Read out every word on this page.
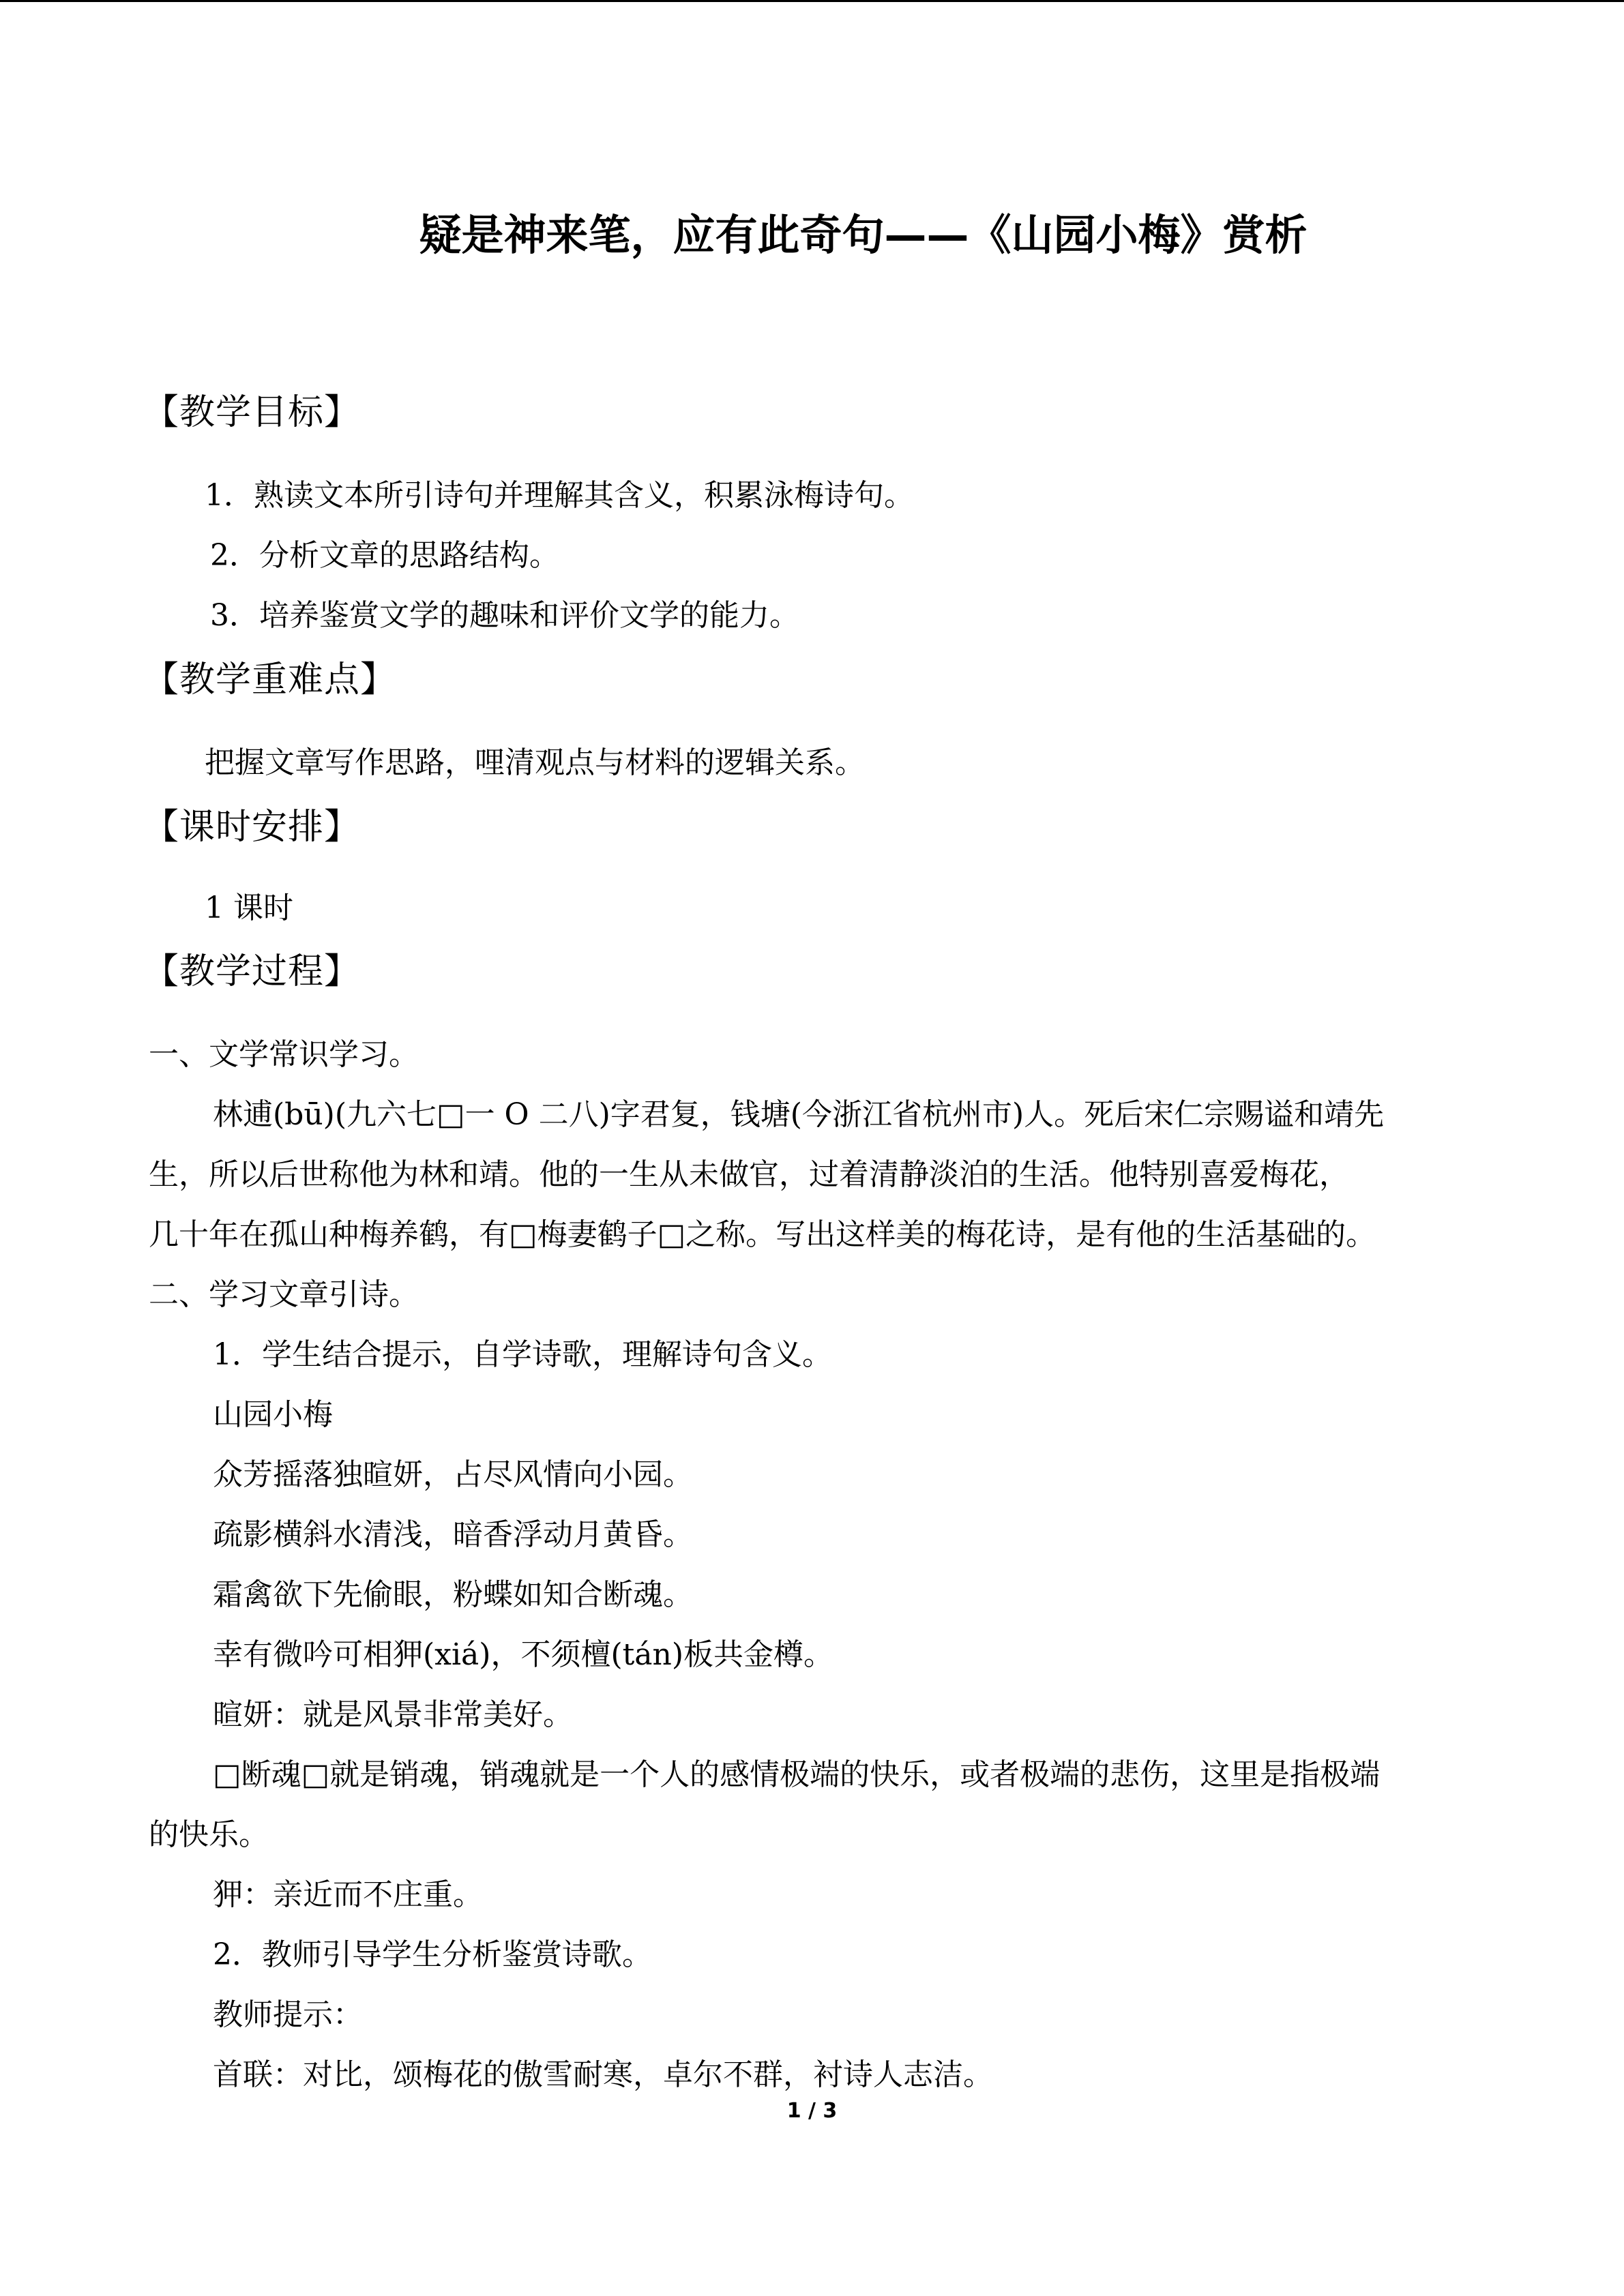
疑是神来笔，应有此奇句——《山园小梅》赏析
【教学目标】
1．熟读文本所引诗句并理解其含义，积累泳梅诗句。
2．分析文章的思路结构。
3．培养鉴赏文学的趣味和评价文学的能力。
【教学重难点】
把握文章写作思路，哩清观点与材料的逻辑关系。
【课时安排】
1 课时
【教学过程】
一、文学常识学习。
林逋(bū)(九六七□一 O 二八)字君复，钱塘(今浙江省杭州市)人。死后宋仁宗赐谥和靖先
生，所以后世称他为林和靖。他的一生从未做官，过着清静淡泊的生活。他特别喜爱梅花，
几十年在孤山种梅养鹤，有□梅妻鹤子□之称。写出这样美的梅花诗，是有他的生活基础的。
二、学习文章引诗。
1．学生结合提示，自学诗歌，理解诗句含义。
山园小梅
众芳摇落独暄妍，占尽风情向小园。
疏影横斜水清浅，暗香浮动月黄昏。
霜禽欲下先偷眼，粉蝶如知合断魂。
幸有微吟可相狎(xiá)，不须檀(tán)板共金樽。
暄妍：就是风景非常美好。
□断魂□就是销魂，销魂就是一个人的感情极端的快乐，或者极端的悲伤，这里是指极端
的快乐。
狎：亲近而不庄重。
2．教师引导学生分析鉴赏诗歌。
教师提示：
首联：对比，颂梅花的傲雪耐寒，卓尔不群，衬诗人志洁。
1 / 3
